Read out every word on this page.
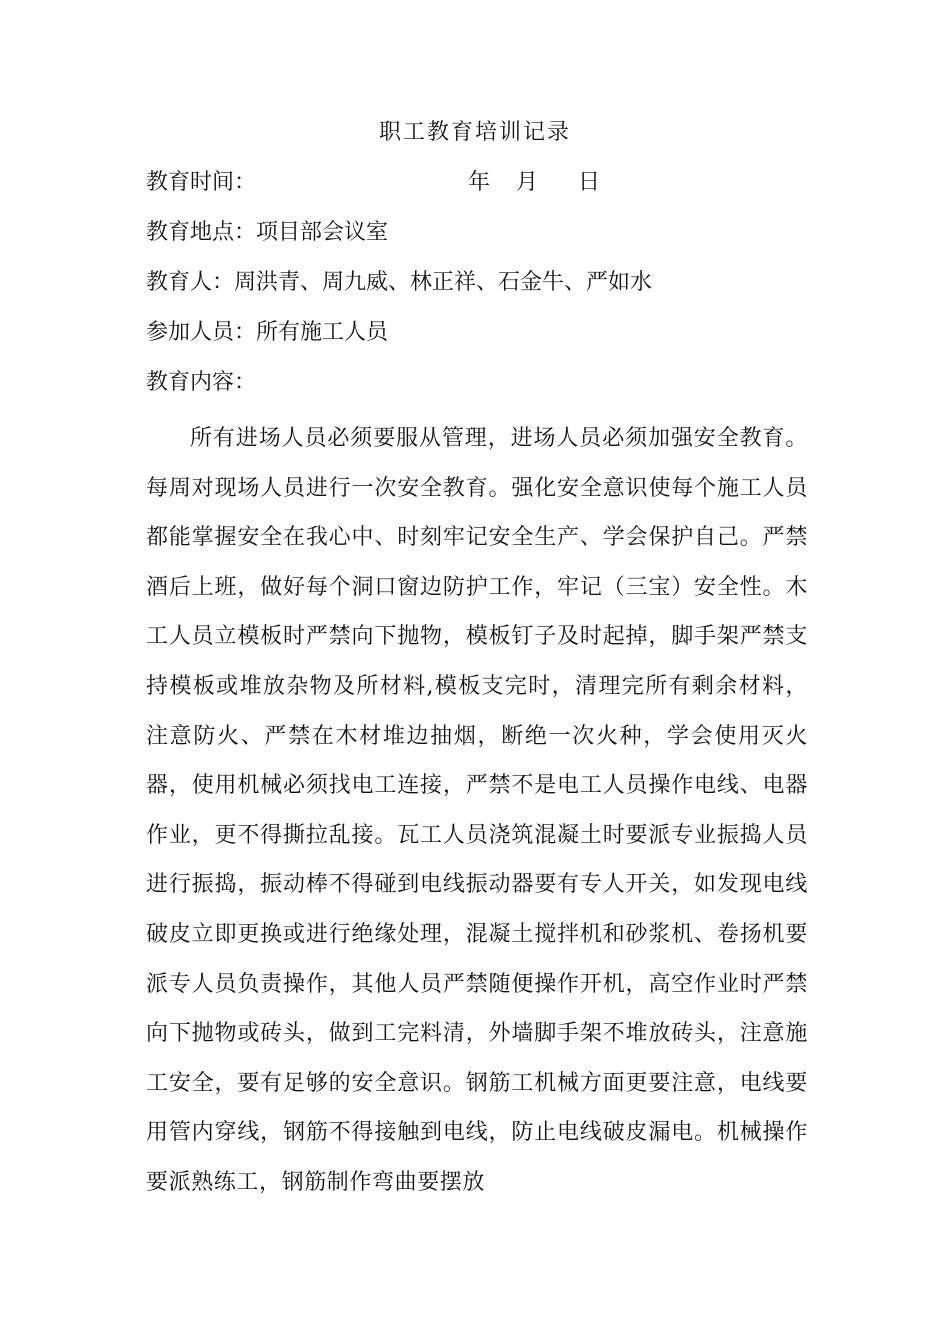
职工教育培训记录
教育时间：	年 月 日
教育地点：项目部会议室
教育人：周洪青、周九威、林正祥、石金牛、严如水
参加人员：所有施工人员
教育内容：

所有进场人员必须要服从管理，进场人员必须加强安全教育。每周对现场人员进行一次安全教育。强化安全意识使每个施工人员都能掌握安全在我心中、时刻牢记安全生产、学会保护自己。严禁酒后上班，做好每个洞口窗边防护工作，牢记（三宝）安全性。木工人员立模板时严禁向下抛物，模板钉子及时起掉，脚手架严禁支持模板或堆放杂物及所材料,模板支完时，清理完所有剩余材料，注意防火、严禁在木材堆边抽烟，断绝一次火种，学会使用灭火器，使用机械必须找电工连接，严禁不是电工人员操作电线、电器作业，更不得撕拉乱接。瓦工人员浇筑混凝土时要派专业振捣人员进行振捣，振动棒不得碰到电线振动器要有专人开关，如发现电线破皮立即更换或进行绝缘处理，混凝土搅拌机和砂浆机、卷扬机要派专人员负责操作，其他人员严禁随便操作开机，高空作业时严禁向下抛物或砖头，做到工完料清，外墙脚手架不堆放砖头，注意施工安全，要有足够的安全意识。钢筋工机械方面更要注意，电线要用管内穿线，钢筋不得接触到电线，防止电线破皮漏电。机械操作要派熟练工，钢筋制作弯曲要摆放
